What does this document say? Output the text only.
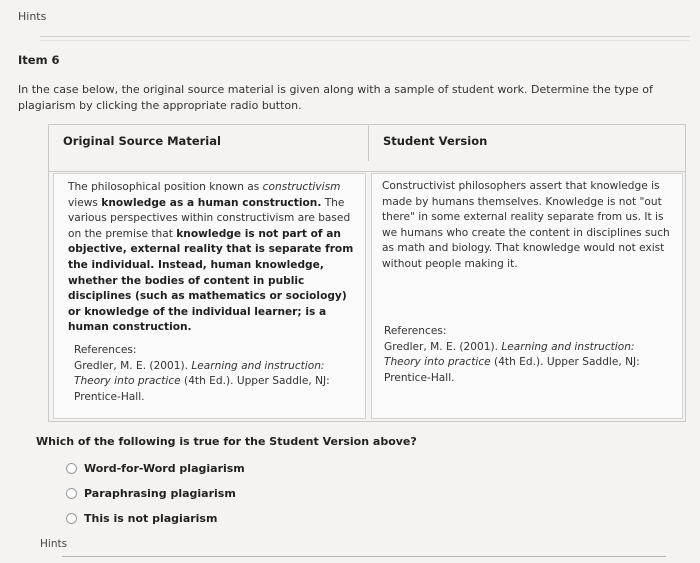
Hints
Item 6
In the case below, the original source material is given along with a sample of student work. Determine the type of plagiarism by clicking the appropriate radio button.
Original Source Material	Student Version
The philosophical position known as constructivism views knowledge as a human construction. The various perspectives within constructivism are based on the premise that knowledge is not part of an objective, external reality that is separate from the individual. Instead, human knowledge, whether the bodies of content in public disciplines (such as mathematics or sociology) or knowledge of the individual learner; is a human construction.
References:
Gredler, M. E. (2001). Learning and instruction: Theory into practice (4th Ed.). Upper Saddle, NJ: Prentice-Hall.
Constructivist philosophers assert that knowledge is made by humans themselves. Knowledge is not "out there" in some external reality separate from us. It is we humans who create the content in disciplines such as math and biology. That knowledge would not exist without people making it.
References:
Gredler, M. E. (2001). Learning and instruction: Theory into practice (4th Ed.). Upper Saddle, NJ: Prentice-Hall.
Which of the following is true for the Student Version above?
Word-for-Word plagiarism
Paraphrasing plagiarism
This is not plagiarism
Hints
